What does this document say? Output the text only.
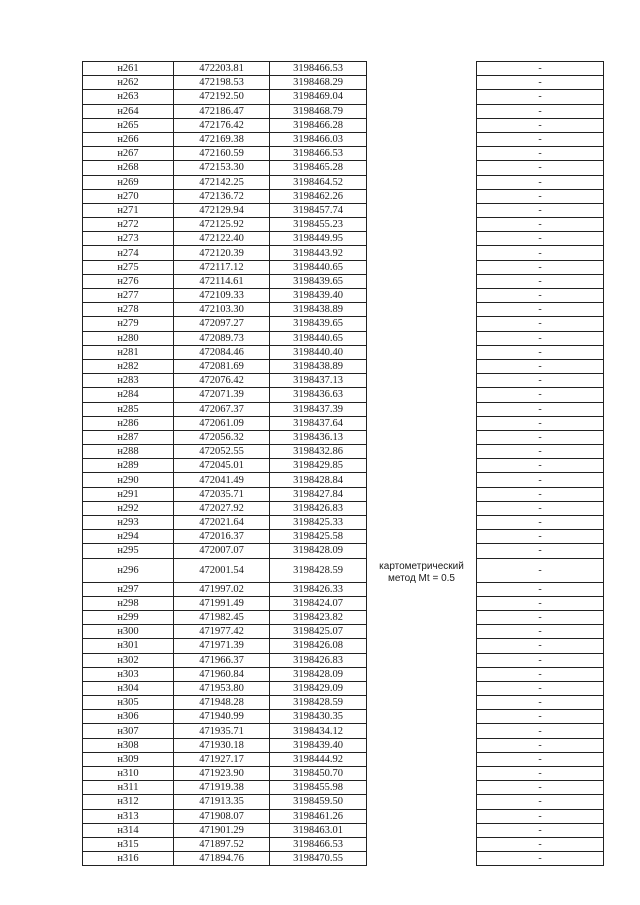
н261	472203.81	3198466.53		-
н262	472198.53	3198468.29		-
н263	472192.50	3198469.04		-
н264	472186.47	3198468.79		-
н265	472176.42	3198466.28		-
н266	472169.38	3198466.03		-
н267	472160.59	3198466.53		-
н268	472153.30	3198465.28		-
н269	472142.25	3198464.52		-
н270	472136.72	3198462.26		-
н271	472129.94	3198457.74		-
н272	472125.92	3198455.23		-
н273	472122.40	3198449.95		-
н274	472120.39	3198443.92		-
н275	472117.12	3198440.65		-
н276	472114.61	3198439.65		-
н277	472109.33	3198439.40		-
н278	472103.30	3198438.89		-
н279	472097.27	3198439.65		-
н280	472089.73	3198440.65		-
н281	472084.46	3198440.40		-
н282	472081.69	3198438.89		-
н283	472076.42	3198437.13		-
н284	472071.39	3198436.63		-
н285	472067.37	3198437.39		-
н286	472061.09	3198437.64		-
н287	472056.32	3198436.13		-
н288	472052.55	3198432.86		-
н289	472045.01	3198429.85		-
н290	472041.49	3198428.84		-
н291	472035.71	3198427.84		-
н292	472027.92	3198426.83		-
н293	472021.64	3198425.33		-
н294	472016.37	3198425.58		-
н295	472007.07	3198428.09		-
н296	472001.54	3198428.59	картометрический
метод Mt = 0.5	-
н297	471997.02	3198426.33		-
н298	471991.49	3198424.07		-
н299	471982.45	3198423.82		-
н300	471977.42	3198425.07		-
н301	471971.39	3198426.08		-
н302	471966.37	3198426.83		-
н303	471960.84	3198428.09		-
н304	471953.80	3198429.09		-
н305	471948.28	3198428.59		-
н306	471940.99	3198430.35		-
н307	471935.71	3198434.12		-
н308	471930.18	3198439.40		-
н309	471927.17	3198444.92		-
н310	471923.90	3198450.70		-
н311	471919.38	3198455.98		-
н312	471913.35	3198459.50		-
н313	471908.07	3198461.26		-
н314	471901.29	3198463.01		-
н315	471897.52	3198466.53		-
н316	471894.76	3198470.55		-
